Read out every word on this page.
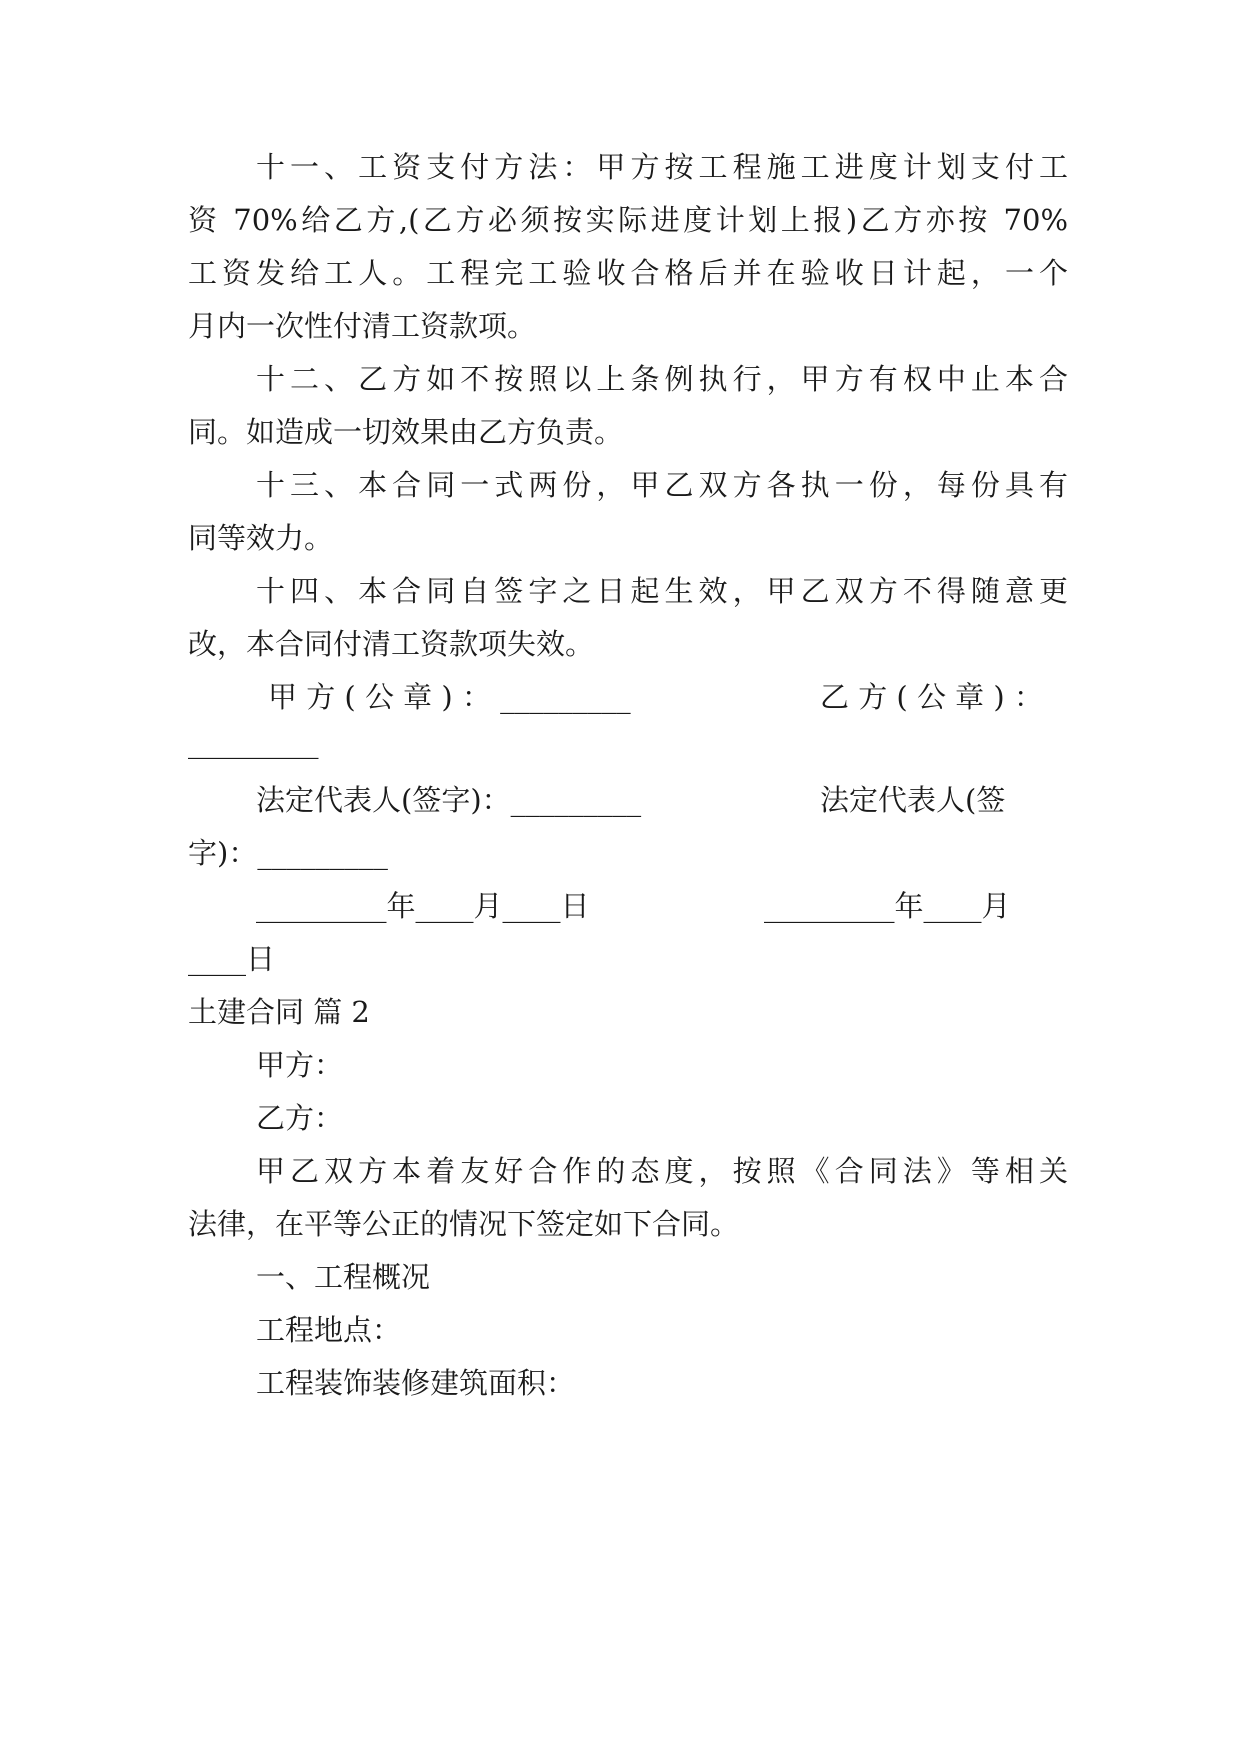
十一、工资支付方法：甲方按工程施工进度计划支付工
资 70%给乙方,(乙方必须按实际进度计划上报)乙方亦按 70%
工资发给工人。工程完工验收合格后并在验收日计起，一个
月内一次性付清工资款项。
十二、乙方如不按照以上条例执行，甲方有权中止本合
同。如造成一切效果由乙方负责。
十三、本合同一式两份，甲乙双方各执一份，每份具有
同等效力。
十四、本合同自签字之日起生效，甲乙双方不得随意更
改，本合同付清工资款项失效。
甲 方 ( 公 章 ) ： _________	乙 方 ( 公 章 ) ：
_________
法定代表人(签字)：_________	法定代表人(签
字)：_________
_________年____月____日	_________年____月
____日
土建合同 篇 2
甲方：
乙方：
甲乙双方本着友好合作的态度，按照《合同法》等相关
法律，在平等公正的情况下签定如下合同。
一、工程概况
工程地点：
工程装饰装修建筑面积：
